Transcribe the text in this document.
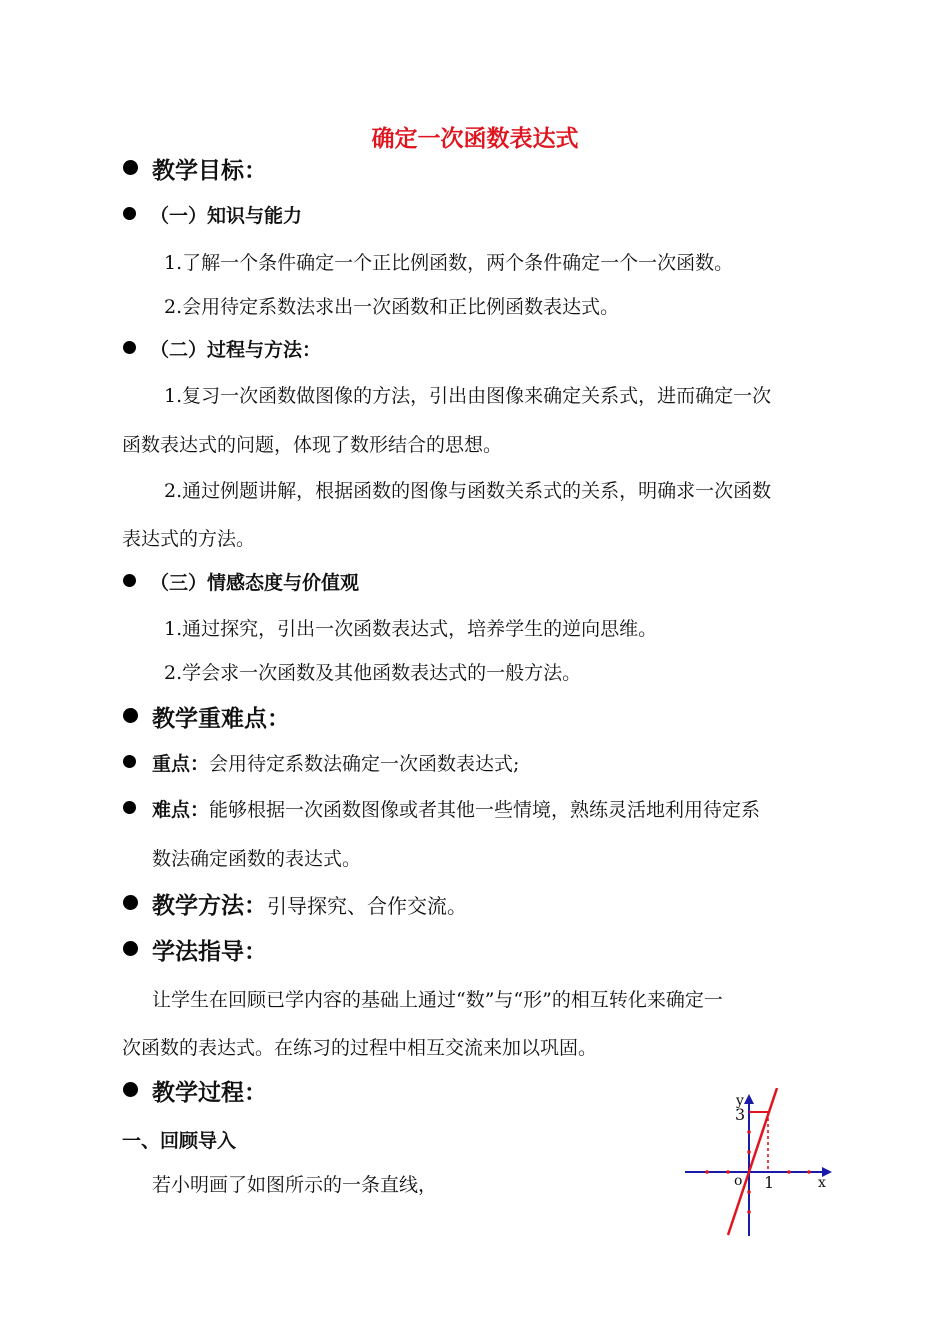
确定一次函数表达式
教学目标：
（一）知识与能力
1.了解一个条件确定一个正比例函数，两个条件确定一个一次函数。
2.会用待定系数法求出一次函数和正比例函数表达式。
（二）过程与方法：
1.复习一次函数做图像的方法，引出由图像来确定关系式，进而确定一次
函数表达式的问题，体现了数形结合的思想。
2.通过例题讲解，根据函数的图像与函数关系式的关系，明确求一次函数
表达式的方法。
（三）情感态度与价值观
1.通过探究，引出一次函数表达式，培养学生的逆向思维。
2.学会求一次函数及其他函数表达式的一般方法。
教学重难点：
重点：会用待定系数法确定一次函数表达式;
难点：能够根据一次函数图像或者其他一些情境，熟练灵活地利用待定系
数法确定函数的表达式。
教学方法：引导探究、合作交流。
学法指导：
让学生在回顾已学内容的基础上通过“数”与“形”的相互转化来确定一
次函数的表达式。在练习的过程中相互交流来加以巩固。
教学过程：
一、回顾导入
若小明画了如图所示的一条直线，
y
3
o 1	x
